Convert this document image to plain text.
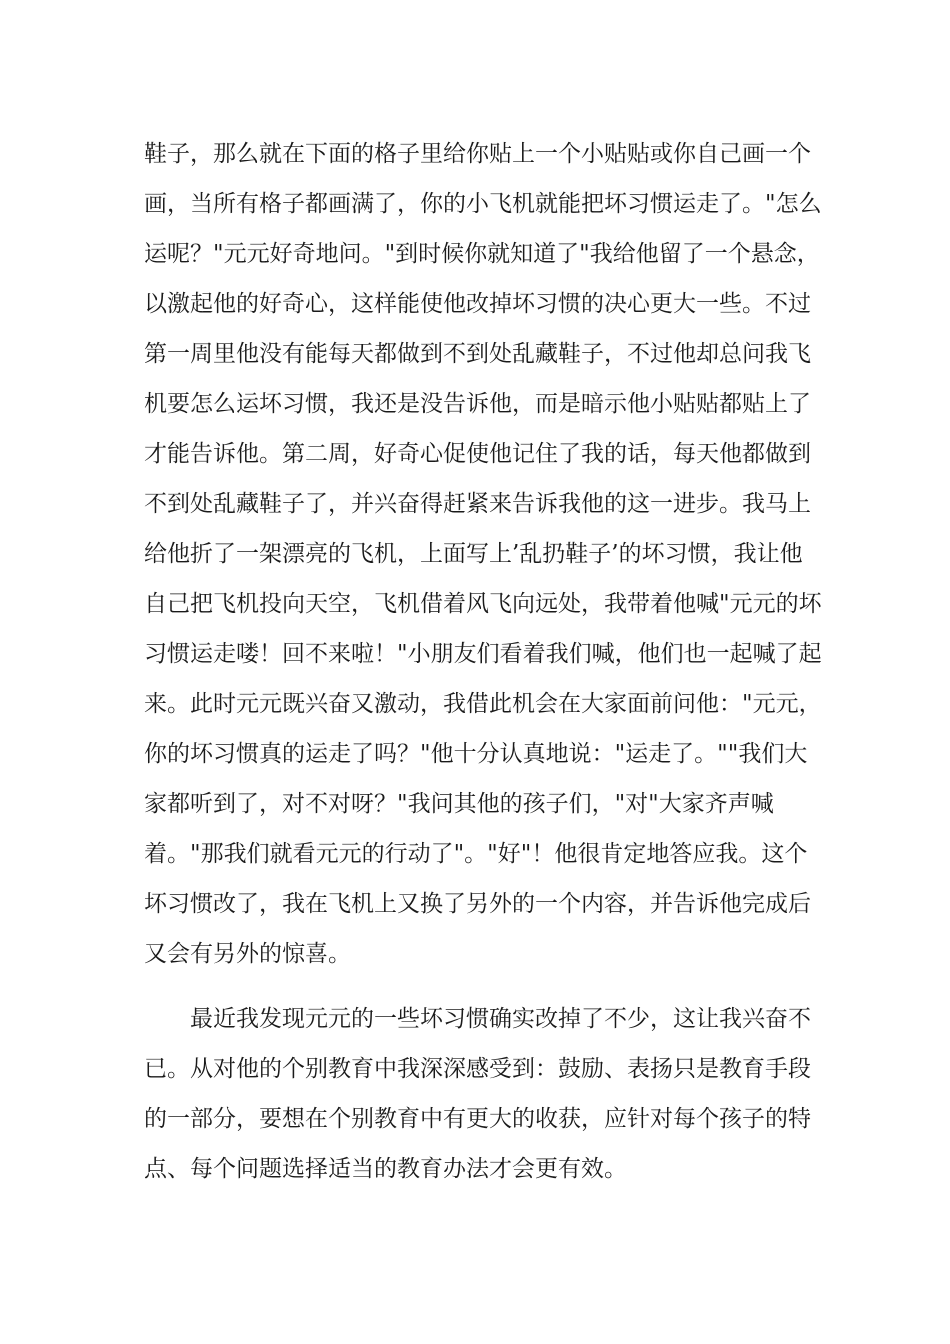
鞋子，那么就在下面的格子里给你贴上一个小贴贴或你自己画一个
画，当所有格子都画满了，你的小飞机就能把坏习惯运走了。"怎么
运呢？"元元好奇地问。"到时候你就知道了"我给他留了一个悬念，
以激起他的好奇心，这样能使他改掉坏习惯的决心更大一些。不过
第一周里他没有能每天都做到不到处乱藏鞋子，不过他却总问我飞
机要怎么运坏习惯，我还是没告诉他，而是暗示他小贴贴都贴上了
才能告诉他。第二周，好奇心促使他记住了我的话，每天他都做到
不到处乱藏鞋子了，并兴奋得赶紧来告诉我他的这一进步。我马上
给他折了一架漂亮的飞机，上面写上’乱扔鞋子’的坏习惯，我让他
自己把飞机投向天空，飞机借着风飞向远处，我带着他喊"元元的坏
习惯运走喽！回不来啦！"小朋友们看着我们喊，他们也一起喊了起
来。此时元元既兴奋又激动，我借此机会在大家面前问他："元元，
你的坏习惯真的运走了吗？"他十分认真地说："运走了。""我们大
家都听到了，对不对呀？"我问其他的孩子们，"对"大家齐声喊
着。"那我们就看元元的行动了"。"好"！他很肯定地答应我。这个
坏习惯改了，我在飞机上又换了另外的一个内容，并告诉他完成后
又会有另外的惊喜。
最近我发现元元的一些坏习惯确实改掉了不少，这让我兴奋不
已。从对他的个别教育中我深深感受到：鼓励、表扬只是教育手段
的一部分，要想在个别教育中有更大的收获，应针对每个孩子的特
点、每个问题选择适当的教育办法才会更有效。
